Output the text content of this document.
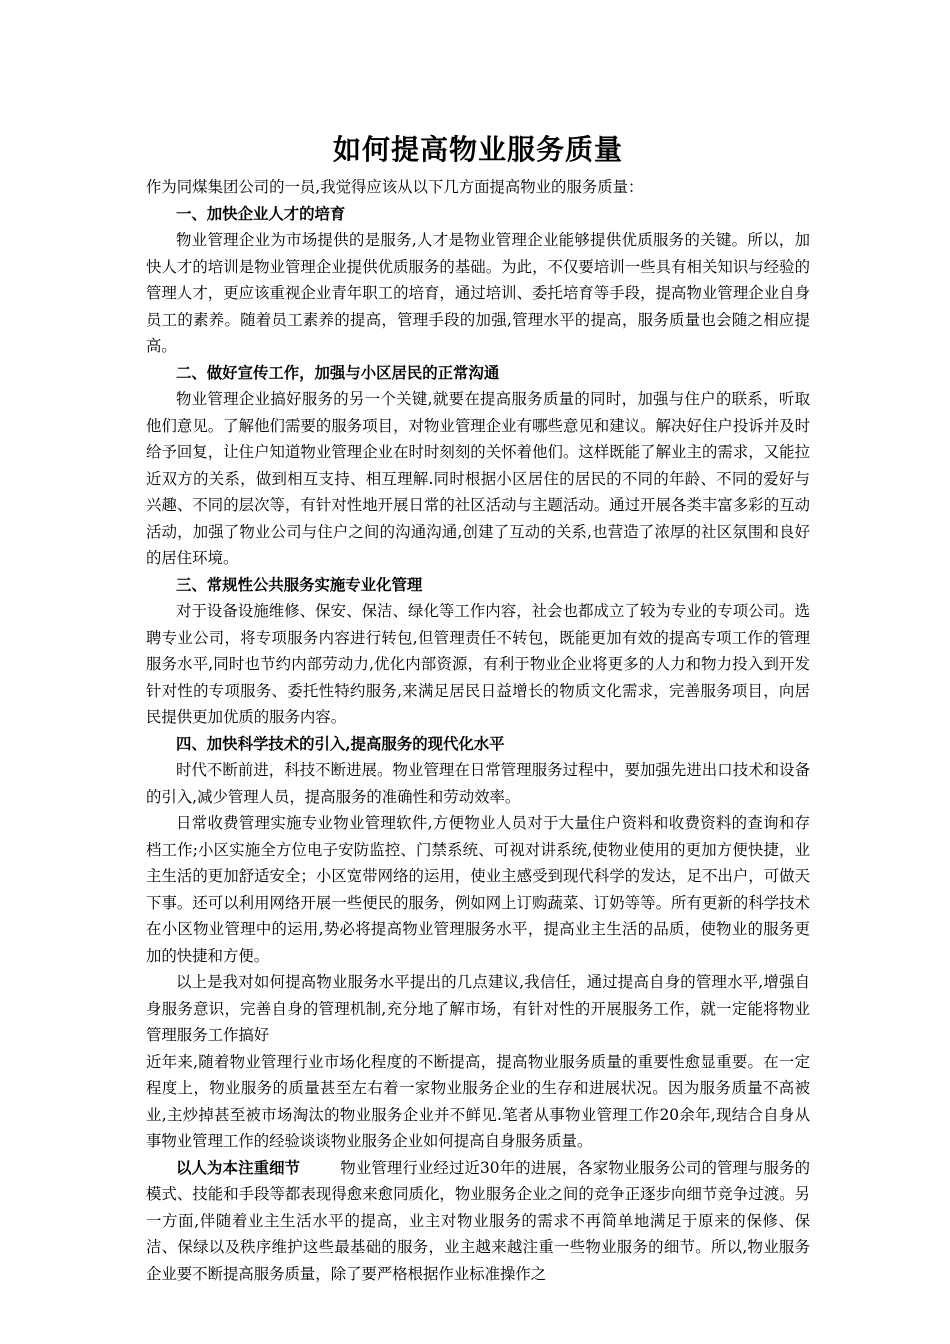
如何提高物业服务质量

作为同煤集团公司的一员,我觉得应该从以下几方面提高物业的服务质量：

一、加快企业人才的培育

物业管理企业为市场提供的是服务,人才是物业管理企业能够提供优质服务的关键。所以，加快人才的培训是物业管理企业提供优质服务的基础。为此，不仅要培训一些具有相关知识与经验的管理人才，更应该重视企业青年职工的培育，通过培训、委托培育等手段，提高物业管理企业自身员工的素养。随着员工素养的提高，管理手段的加强,管理水平的提高，服务质量也会随之相应提高。

二、做好宣传工作，加强与小区居民的正常沟通

物业管理企业搞好服务的另一个关键,就要在提高服务质量的同时，加强与住户的联系，听取他们意见。了解他们需要的服务项目，对物业管理企业有哪些意见和建议。解决好住户投诉并及时给予回复，让住户知道物业管理企业在时时刻刻的关怀着他们。这样既能了解业主的需求，又能拉近双方的关系，做到相互支持、相互理解.同时根据小区居住的居民的不同的年龄、不同的爱好与兴趣、不同的层次等，有针对性地开展日常的社区活动与主题活动。通过开展各类丰富多彩的互动活动，加强了物业公司与住户之间的沟通沟通,创建了互动的关系,也营造了浓厚的社区氛围和良好的居住环境。

三、常规性公共服务实施专业化管理

对于设备设施维修、保安、保洁、绿化等工作内容，社会也都成立了较为专业的专项公司。选聘专业公司，将专项服务内容进行转包,但管理责任不转包，既能更加有效的提高专项工作的管理服务水平,同时也节约内部劳动力,优化内部资源，有利于物业企业将更多的人力和物力投入到开发针对性的专项服务、委托性特约服务,来满足居民日益增长的物质文化需求，完善服务项目，向居民提供更加优质的服务内容。

四、加快科学技术的引入,提高服务的现代化水平

时代不断前进，科技不断进展。物业管理在日常管理服务过程中，要加强先进出口技术和设备的引入,减少管理人员，提高服务的准确性和劳动效率。

日常收费管理实施专业物业管理软件,方便物业人员对于大量住户资料和收费资料的查询和存档工作;小区实施全方位电子安防监控、门禁系统、可视对讲系统,使物业使用的更加方便快捷，业主生活的更加舒适安全；小区宽带网络的运用，使业主感受到现代科学的发达，足不出户，可做天下事。还可以利用网络开展一些便民的服务，例如网上订购蔬菜、订奶等等。所有更新的科学技术在小区物业管理中的运用,势必将提高物业管理服务水平，提高业主生活的品质，使物业的服务更加的快捷和方便。

以上是我对如何提高物业服务水平提出的几点建议,我信任，通过提高自身的管理水平,增强自身服务意识，完善自身的管理机制,充分地了解市场，有针对性的开展服务工作，就一定能将物业管理服务工作搞好

近年来,随着物业管理行业市场化程度的不断提高，提高物业服务质量的重要性愈显重要。在一定程度上，物业服务的质量甚至左右着一家物业服务企业的生存和进展状况。因为服务质量不高被业,主炒掉甚至被市场淘汰的物业服务企业并不鲜见.笔者从事物业管理工作20余年,现结合自身从事物业管理工作的经验谈谈物业服务企业如何提高自身服务质量。

以人为本注重细节	物业管理行业经过近30年的进展，各家物业服务公司的管理与服务的模式、技能和手段等都表现得愈来愈同质化，物业服务企业之间的竞争正逐步向细节竞争过渡。另一方面,伴随着业主生活水平的提高，业主对物业服务的需求不再简单地满足于原来的保修、保洁、保绿以及秩序维护这些最基础的服务，业主越来越注重一些物业服务的细节。所以,物业服务企业要不断提高服务质量，除了要严格根据作业标准操作之
